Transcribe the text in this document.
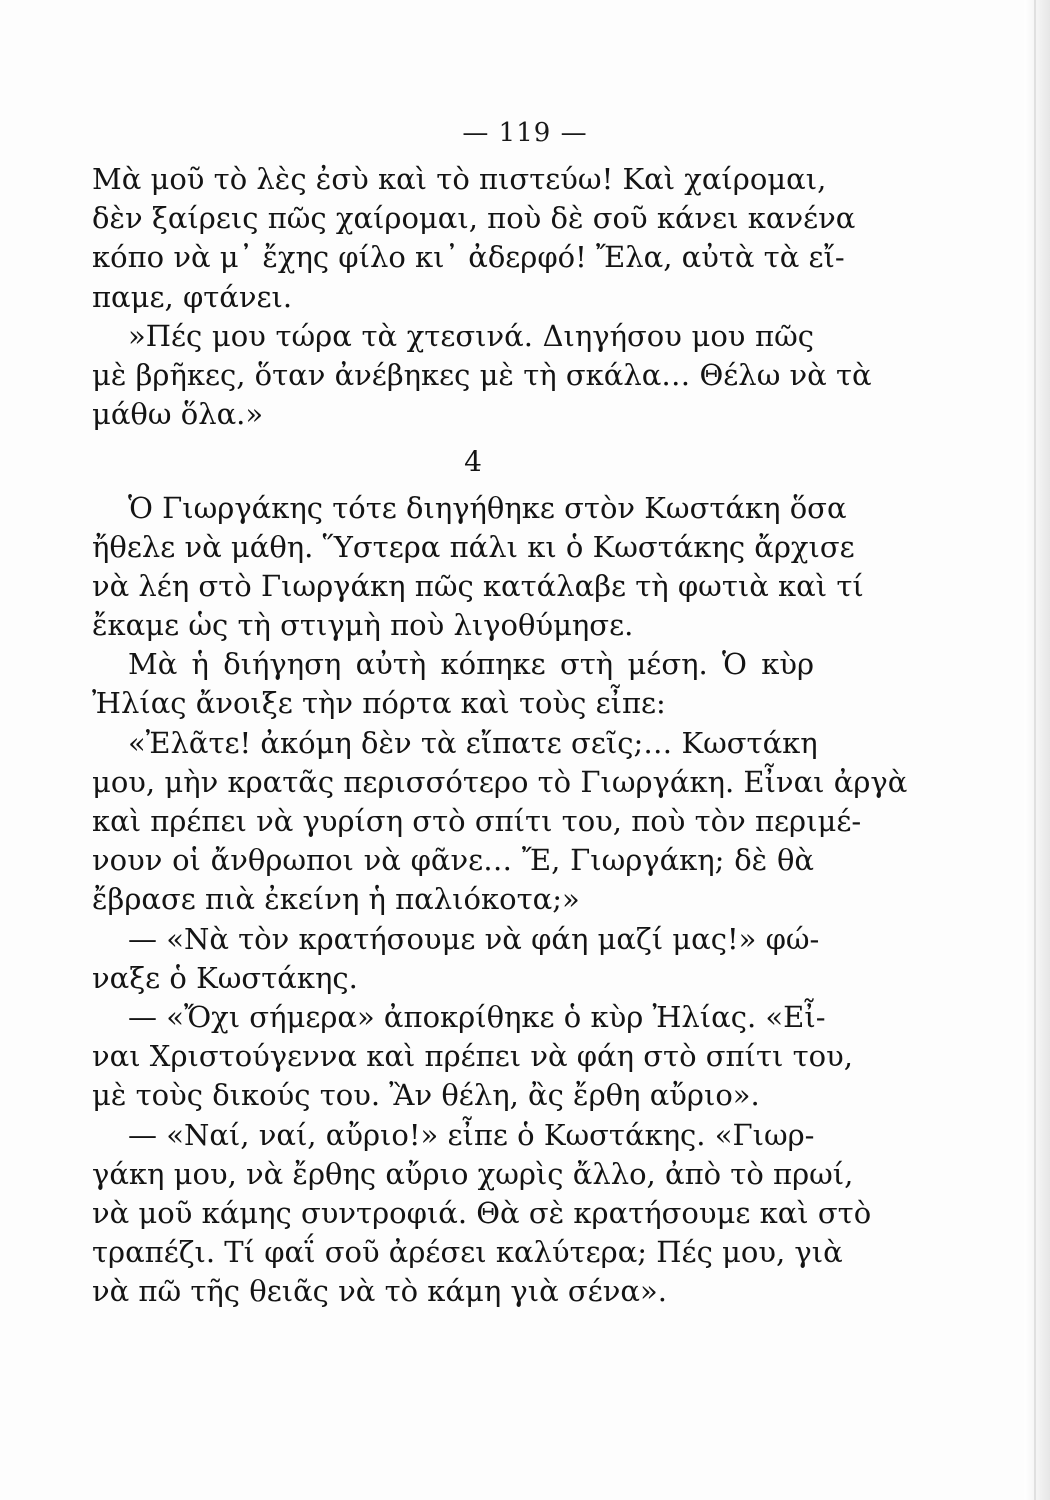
— 119 —
Μὰ μοῦ τὸ λὲς ἐσὺ καὶ τὸ πιστεύω! Καὶ χαίρομαι,
δὲν ξαίρεις πῶς χαίρομαι, ποὺ δὲ σοῦ κάνει κανένα
κόπο νὰ μ᾿ ἔχης φίλο κι᾿ ἀδερφό! Ἔλα, αὐτὰ τὰ εἴ-
παμε, φτάνει.
»Πές μου τώρα τὰ χτεσινά. Διηγήσου μου πῶς
μὲ βρῆκες, ὅταν ἀνέβηκες μὲ τὴ σκάλα… Θέλω νὰ τὰ
μάθω ὅλα.»
4
Ὁ Γιωργάκης τότε διηγήθηκε στὸν Κωστάκη ὅσα
ἤθελε νὰ μάθη. Ὕστερα πάλι κι ὁ Κωστάκης ἄρχισε
νὰ λέη στὸ Γιωργάκη πῶς κατάλαβε τὴ φωτιὰ καὶ τί
ἔκαμε ὡς τὴ στιγμὴ ποὺ λιγοθύμησε.
Μὰ ἡ διήγηση αὐτὴ κόπηκε στὴ μέση. Ὁ κὺρ
Ἠλίας ἄνοιξε τὴν πόρτα καὶ τοὺς εἶπε:
«Ἐλᾶτε! ἀκόμη δὲν τὰ εἴπατε σεῖς;… Κωστάκη
μου, μὴν κρατᾶς περισσότερο τὸ Γιωργάκη. Εἶναι ἀργὰ
καὶ πρέπει νὰ γυρίση στὸ σπίτι του, ποὺ τὸν περιμέ-
νουν οἱ ἄνθρωποι νὰ φᾶνε… Ἔ, Γιωργάκη; δὲ θὰ
ἔβρασε πιὰ ἐκείνη ἡ παλιόκοτα;»
— «Νὰ τὸν κρατήσουμε νὰ φάη μαζί μας!» φώ-
ναξε ὁ Κωστάκης.
— «Ὄχι σήμερα» ἀποκρίθηκε ὁ κὺρ Ἠλίας. «Εἶ-
ναι Χριστούγεννα καὶ πρέπει νὰ φάη στὸ σπίτι του,
μὲ τοὺς δικούς του. Ἂν θέλη, ἂς ἔρθη αὔριο».
— «Ναί, ναί, αὔριο!» εἶπε ὁ Κωστάκης. «Γιωρ-
γάκη μου, νὰ ἔρθης αὔριο χωρὶς ἄλλο, ἀπὸ τὸ πρωί,
νὰ μοῦ κάμης συντροφιά. Θὰ σὲ κρατήσουμε καὶ στὸ
τραπέζι. Τί φαΐ σοῦ ἀρέσει καλύτερα; Πές μου, γιὰ
νὰ πῶ τῆς θειᾶς νὰ τὸ κάμη γιὰ σένα».
